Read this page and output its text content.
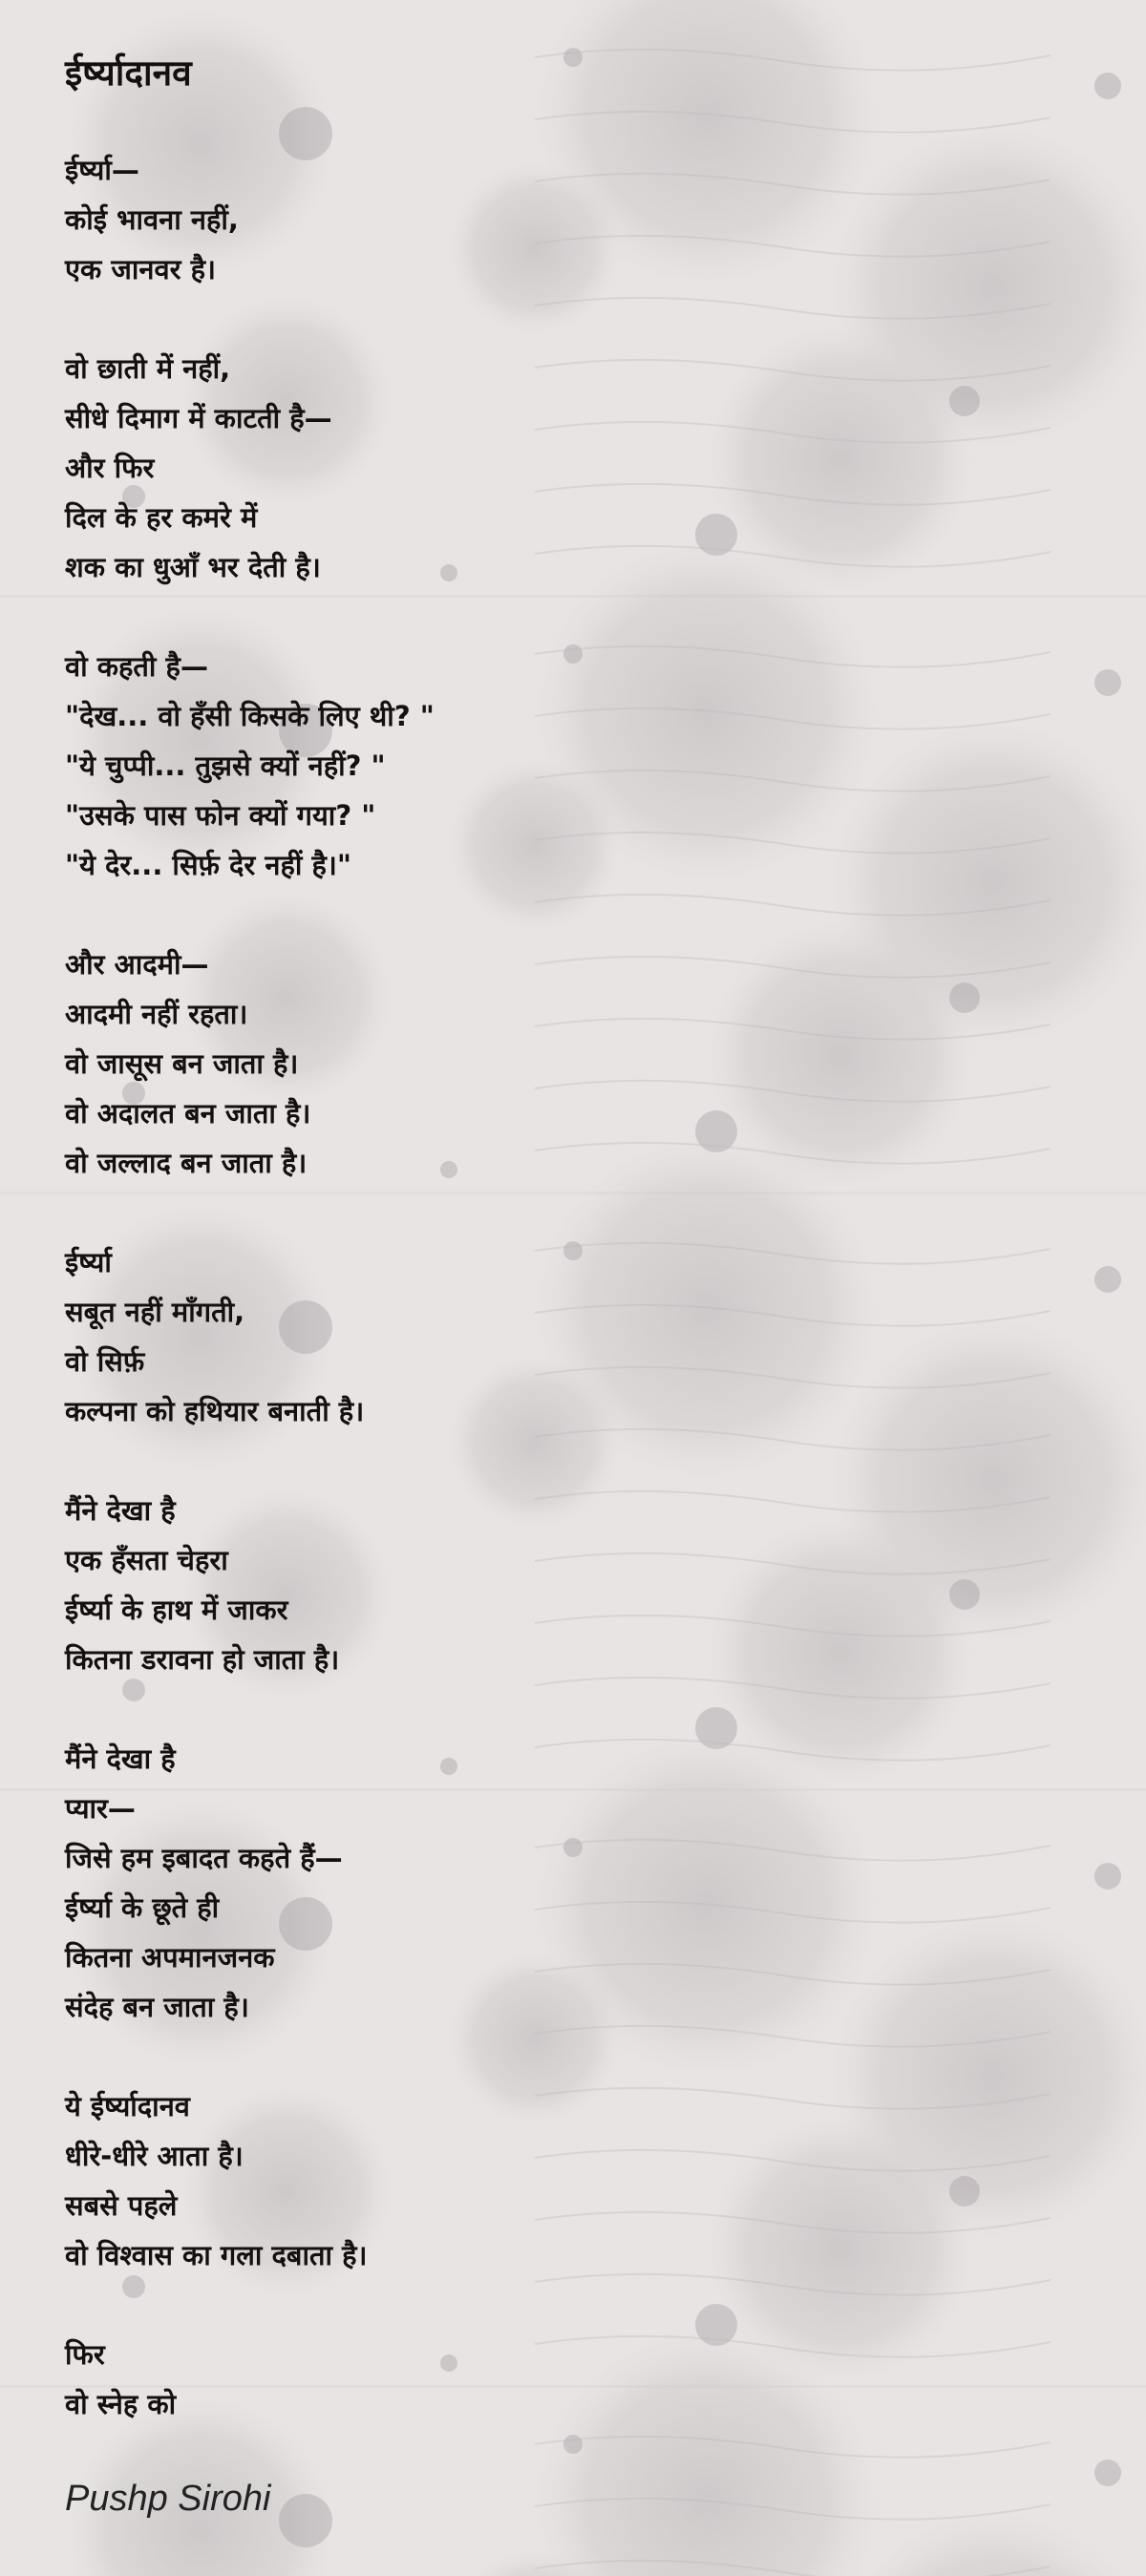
ईर्ष्यादानव
ईर्ष्या—
कोई भावना नहीं,
एक जानवर है।
वो छाती में नहीं,
सीधे दिमाग में काटती है—
और फिर
दिल के हर कमरे में
शक का धुआँ भर देती है।
वो कहती है—
"देख... वो हँसी किसके लिए थी? "
"ये चुप्पी... तुझसे क्यों नहीं? "
"उसके पास फोन क्यों गया? "
"ये देर... सिर्फ़ देर नहीं है।"
और आदमी—
आदमी नहीं रहता।
वो जासूस बन जाता है।
वो अदालत बन जाता है।
वो जल्लाद बन जाता है।
ईर्ष्या
सबूत नहीं माँगती,
वो सिर्फ़
कल्पना को हथियार बनाती है।
मैंने देखा है
एक हँसता चेहरा
ईर्ष्या के हाथ में जाकर
कितना डरावना हो जाता है।
मैंने देखा है
प्यार—
जिसे हम इबादत कहते हैं—
ईर्ष्या के छूते ही
कितना अपमानजनक
संदेह बन जाता है।
ये ईर्ष्यादानव
धीरे-धीरे आता है।
सबसे पहले
वो विश्वास का गला दबाता है।
फिर
वो स्नेह को
Pushp Sirohi
